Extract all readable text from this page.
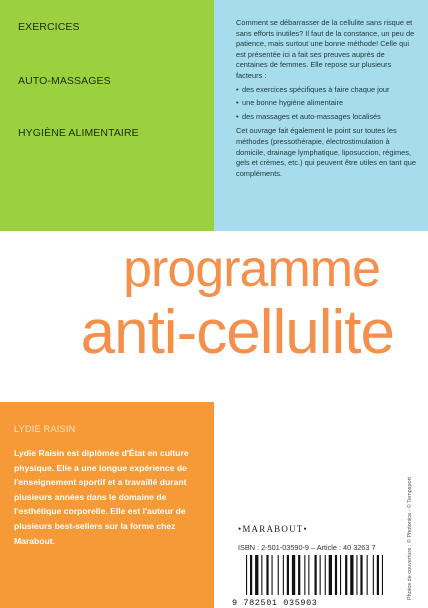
EXERCICES
AUTO-MASSAGES
HYGIÈNE ALIMENTAIRE

Comment se débarrasser de la cellulite sans risque et sans efforts inutiles? Il faut de la constance, un peu de patience, mais surtout une bonne méthode! Celle qui est présentée ici a fait ses preuves auprès de centaines de femmes. Elle repose sur plusieurs facteurs :

• des exercices spécifiques à faire chaque jour
• une bonne hygiène alimentaire
• des massages et auto-massages localisés

Cet ouvrage fait également le point sur toutes les méthodes (pressothérapie, électrostimulation à domicile, drainage lymphatique, liposuccion, régimes, gels et crèmes, etc.) qui peuvent être utiles en tant que compléments.

programme
anti-cellulite
LYDIE RAISIN

Lydie Raisin est diplômée d'État en culture physique. Elle a une longue expérience de l'enseignement sportif et a travaillé durant plusieurs années dans le domaine de l'esthétique corporelle. Elle est l'auteur de plusieurs best-sellers sur la forme chez Marabout.

•MARABOUT•
ISBN : 2-501-03590-9 – Article : 40 3263 7
9 782501 035903
Photos de couverture : © Photonica - © Tempsport
